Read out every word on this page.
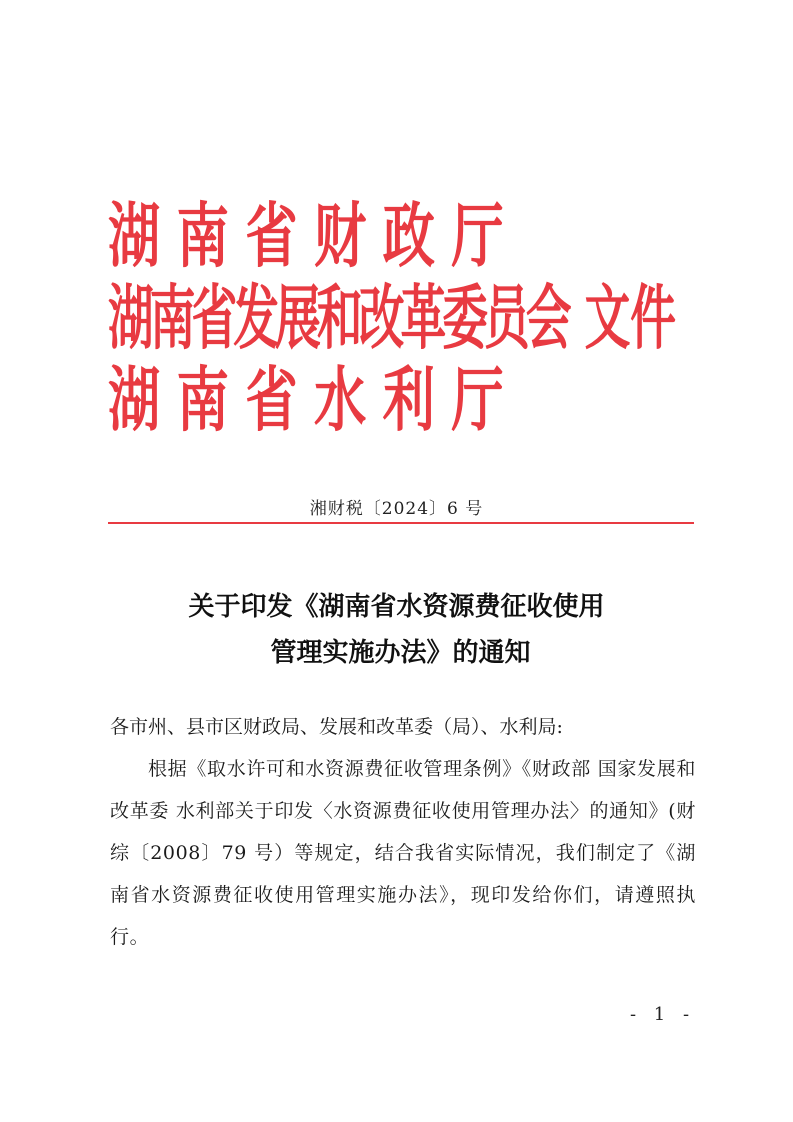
湖南省财政厅
湖南省发展和改革委员会 文件
湖南省水利厅
湘财税〔2024〕6 号
关于印发《湖南省水资源费征收使用
管理实施办法》的通知

各市州、县市区财政局、发展和改革委（局）、水利局:

根据《取水许可和水资源费征收管理条例》《财政部 国家发展和改革委 水利部关于印发〈水资源费征收使用管理办法〉的通知》(财综〔2008〕79 号）等规定，结合我省实际情况，我们制定了《湖南省水资源费征收使用管理实施办法》，现印发给你们，请遵照执行。

- 1 -
